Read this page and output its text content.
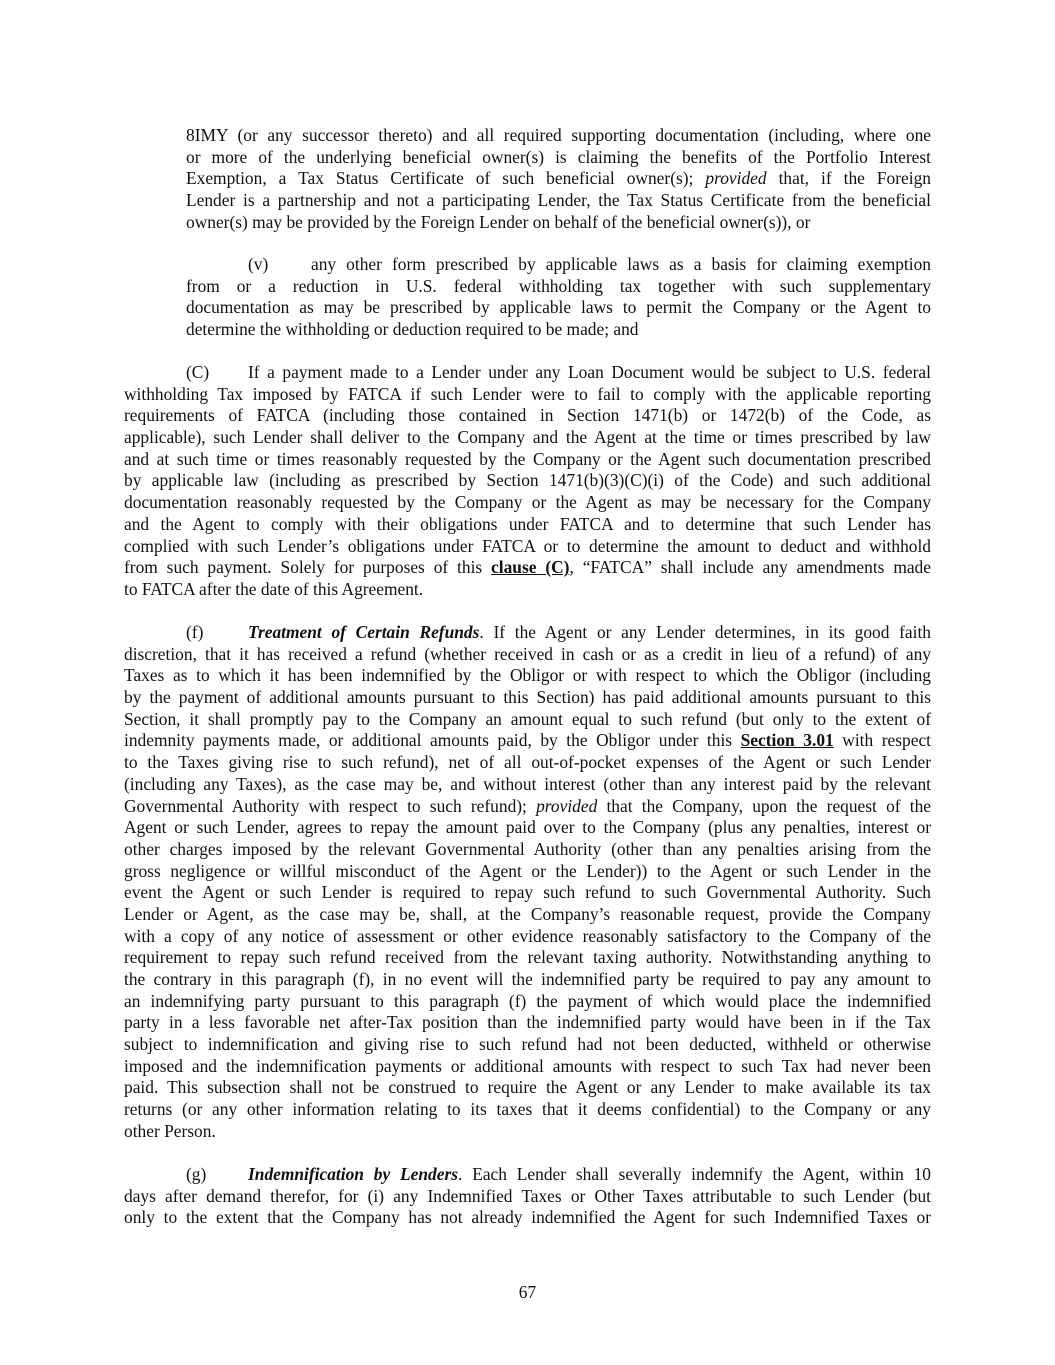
8IMY (or any successor thereto) and all required supporting documentation (including, where one
or more of the underlying beneficial owner(s) is claiming the benefits of the Portfolio Interest
Exemption, a Tax Status Certificate of such beneficial owner(s); provided that, if the Foreign
Lender is a partnership and not a participating Lender, the Tax Status Certificate from the beneficial
owner(s) may be provided by the Foreign Lender on behalf of the beneficial owner(s)), or
(v) any other form prescribed by applicable laws as a basis for claiming exemption
from or a reduction in U.S. federal withholding tax together with such supplementary
documentation as may be prescribed by applicable laws to permit the Company or the Agent to
determine the withholding or deduction required to be made; and
(C) If a payment made to a Lender under any Loan Document would be subject to U.S. federal
withholding Tax imposed by FATCA if such Lender were to fail to comply with the applicable reporting
requirements of FATCA (including those contained in Section 1471(b) or 1472(b) of the Code, as
applicable), such Lender shall deliver to the Company and the Agent at the time or times prescribed by law
and at such time or times reasonably requested by the Company or the Agent such documentation prescribed
by applicable law (including as prescribed by Section 1471(b)(3)(C)(i) of the Code) and such additional
documentation reasonably requested by the Company or the Agent as may be necessary for the Company
and the Agent to comply with their obligations under FATCA and to determine that such Lender has
complied with such Lender’s obligations under FATCA or to determine the amount to deduct and withhold
from such payment. Solely for purposes of this clause (C), “FATCA” shall include any amendments made
to FATCA after the date of this Agreement.
(f)	Treatment of Certain Refunds. If the Agent or any Lender determines, in its good faith
discretion, that it has received a refund (whether received in cash or as a credit in lieu of a refund) of any
Taxes as to which it has been indemnified by the Obligor or with respect to which the Obligor (including
by the payment of additional amounts pursuant to this Section) has paid additional amounts pursuant to this
Section, it shall promptly pay to the Company an amount equal to such refund (but only to the extent of
indemnity payments made, or additional amounts paid, by the Obligor under this Section 3.01 with respect
to the Taxes giving rise to such refund), net of all out-of-pocket expenses of the Agent or such Lender
(including any Taxes), as the case may be, and without interest (other than any interest paid by the relevant
Governmental Authority with respect to such refund); provided that the Company, upon the request of the
Agent or such Lender, agrees to repay the amount paid over to the Company (plus any penalties, interest or
other charges imposed by the relevant Governmental Authority (other than any penalties arising from the
gross negligence or willful misconduct of the Agent or the Lender)) to the Agent or such Lender in the
event the Agent or such Lender is required to repay such refund to such Governmental Authority. Such
Lender or Agent, as the case may be, shall, at the Company’s reasonable request, provide the Company
with a copy of any notice of assessment or other evidence reasonably satisfactory to the Company of the
requirement to repay such refund received from the relevant taxing authority. Notwithstanding anything to
the contrary in this paragraph (f), in no event will the indemnified party be required to pay any amount to
an indemnifying party pursuant to this paragraph (f) the payment of which would place the indemnified
party in a less favorable net after-Tax position than the indemnified party would have been in if the Tax
subject to indemnification and giving rise to such refund had not been deducted, withheld or otherwise
imposed and the indemnification payments or additional amounts with respect to such Tax had never been
paid. This subsection shall not be construed to require the Agent or any Lender to make available its tax
returns (or any other information relating to its taxes that it deems confidential) to the Company or any
other Person.
(g) Indemnification by Lenders. Each Lender shall severally indemnify the Agent, within 10
days after demand therefor, for (i) any Indemnified Taxes or Other Taxes attributable to such Lender (but
only to the extent that the Company has not already indemnified the Agent for such Indemnified Taxes or
67
